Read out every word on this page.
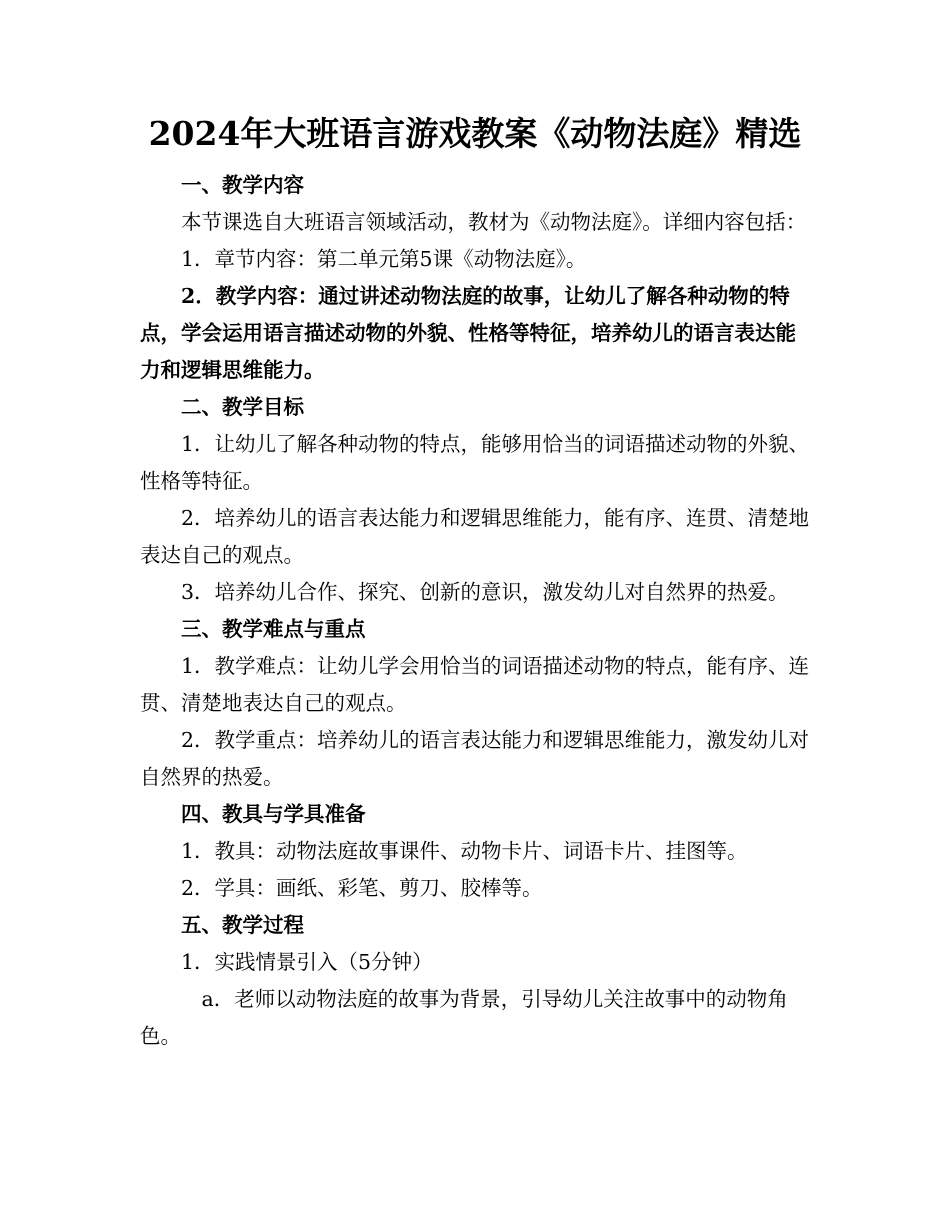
2024年大班语言游戏教案《动物法庭》精选

一、教学内容

本节课选自大班语言领域活动，教材为《动物法庭》。详细内容包括：

1．章节内容：第二单元第5课《动物法庭》。

2．教学内容：通过讲述动物法庭的故事，让幼儿了解各种动物的特点，学会运用语言描述动物的外貌、性格等特征，培养幼儿的语言表达能力和逻辑思维能力。

二、教学目标

1．让幼儿了解各种动物的特点，能够用恰当的词语描述动物的外貌、性格等特征。

2．培养幼儿的语言表达能力和逻辑思维能力，能有序、连贯、清楚地表达自己的观点。

3．培养幼儿合作、探究、创新的意识，激发幼儿对自然界的热爱。

三、教学难点与重点

1．教学难点：让幼儿学会用恰当的词语描述动物的特点，能有序、连贯、清楚地表达自己的观点。

2．教学重点：培养幼儿的语言表达能力和逻辑思维能力，激发幼儿对自然界的热爱。

四、教具与学具准备

1．教具：动物法庭故事课件、动物卡片、词语卡片、挂图等。

2．学具：画纸、彩笔、剪刀、胶棒等。

五、教学过程

1．实践情景引入（5分钟）

a．老师以动物法庭的故事为背景，引导幼儿关注故事中的动物角色。
